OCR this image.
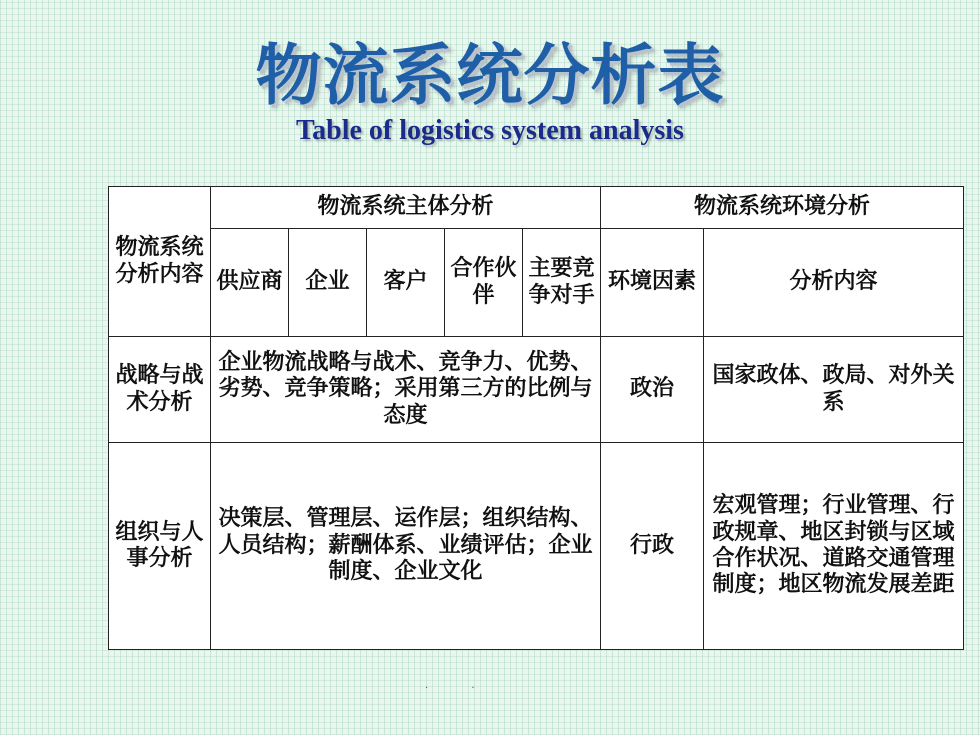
物流系统分析表
Table of logistics system analysis
物流系统分析内容	物流系统主体分析					物流系统环境分析	
	供应商	企业	客户	合作伙伴	主要竞争对手	环境因素	分析内容
战略与战术分析	企业物流战略与战术、竞争力、优势、劣势、竞争策略；采用第三方的比例与态度					政治	国家政体、政局、对外关系
组织与人事分析	决策层、管理层、运作层；组织结构、人员结构；薪酬体系、业绩评估；企业制度、企业文化					行政	宏观管理；行业管理、行政规章、地区封锁与区域合作状况、道路交通管理制度；地区物流发展差距
· ·
